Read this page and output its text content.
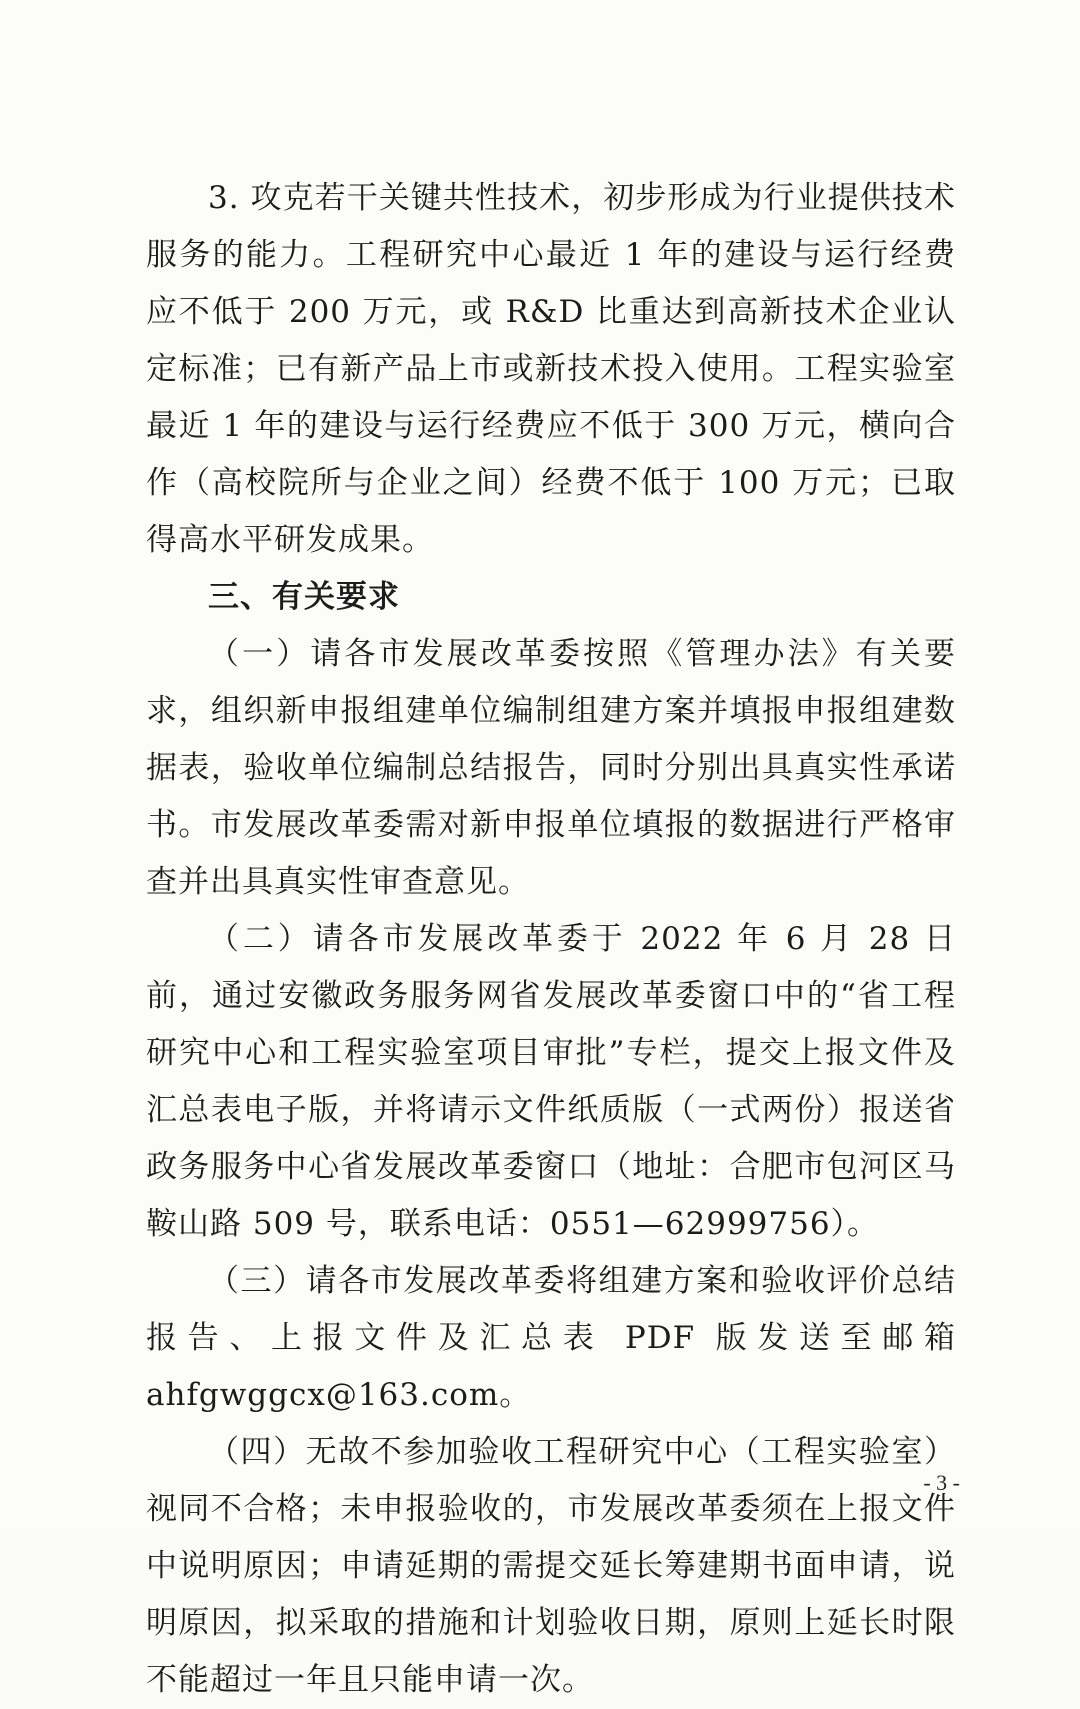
3. 攻克若干关键共性技术，初步形成为行业提供技术服务的能力。工程研究中心最近 1 年的建设与运行经费应不低于 200 万元，或 R&D 比重达到高新技术企业认定标准；已有新产品上市或新技术投入使用。工程实验室最近 1 年的建设与运行经费应不低于 300 万元，横向合作（高校院所与企业之间）经费不低于 100 万元；已取得高水平研发成果。

三、有关要求

（一）请各市发展改革委按照《管理办法》有关要求，组织新申报组建单位编制组建方案并填报申报组建数据表，验收单位编制总结报告，同时分别出具真实性承诺书。市发展改革委需对新申报单位填报的数据进行严格审查并出具真实性审查意见。

（二）请各市发展改革委于 2022 年 6 月 28 日前，通过安徽政务服务网省发展改革委窗口中的“省工程研究中心和工程实验室项目审批”专栏，提交上报文件及汇总表电子版，并将请示文件纸质版（一式两份）报送省政务服务中心省发展改革委窗口（地址：合肥市包河区马鞍山路 509 号，联系电话：0551—62999756）。

（三）请各市发展改革委将组建方案和验收评价总结报告、上报文件及汇总表 PDF 版发送至邮箱 ahfgwggcx@163.com。

（四）无故不参加验收工程研究中心（工程实验室）视同不合格；未申报验收的，市发展改革委须在上报文件中说明原因；申请延期的需提交延长筹建期书面申请，说明原因，拟采取的措施和计划验收日期，原则上延长时限不能超过一年且只能申请一次。

- 3 -
